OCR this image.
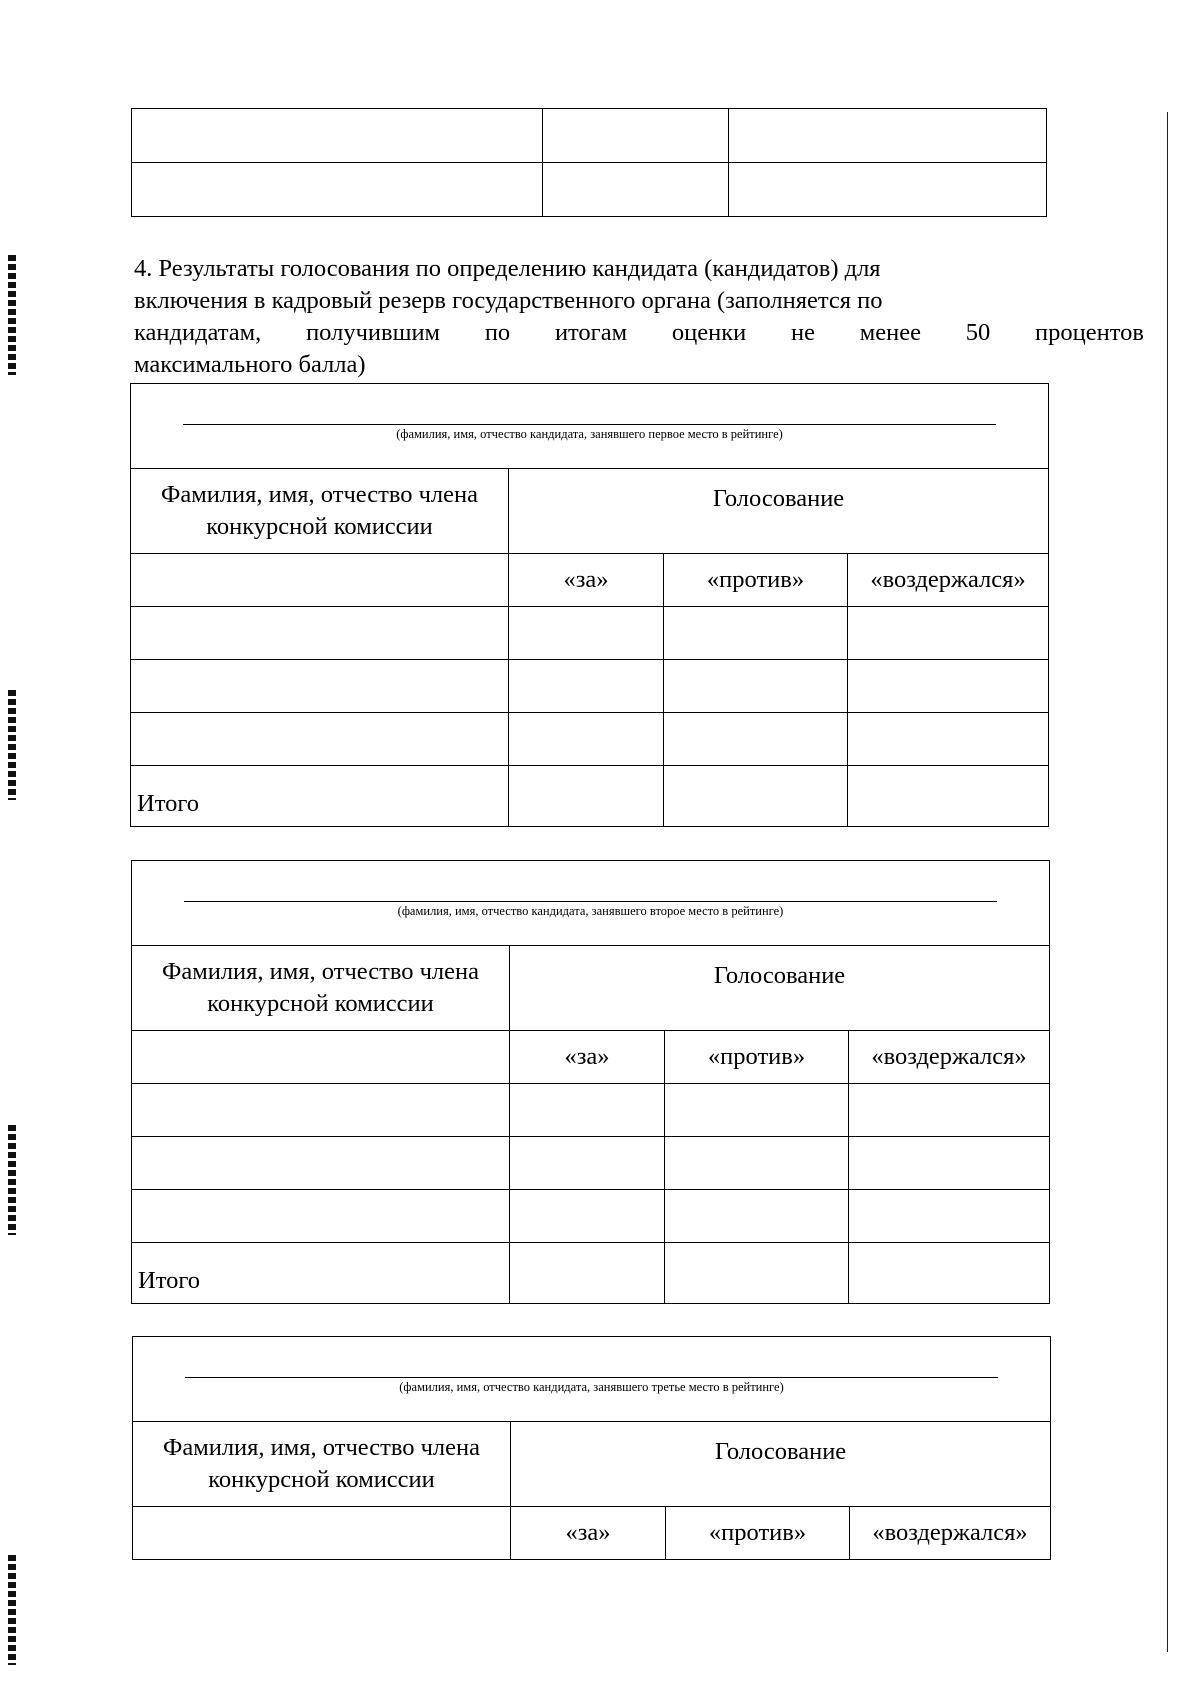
4. Результаты голосования по определению кандидата (кандидатов) для
включения в кадровый резерв государственного органа (заполняется по
кандидатам, получившим по итогам оценки не менее 50 процентов
максимального балла)
(фамилия, имя, отчество кандидата, занявшего первое место в рейтинге)			

Фамилия, имя, отчество члена конкурсной комиссии	Голосование		
	«за»	«против»	«воздержался»

Итого			
(фамилия, имя, отчество кандидата, занявшего второе место в рейтинге)			

Фамилия, имя, отчество члена конкурсной комиссии	Голосование		
	«за»	«против»	«воздержался»

Итого			
(фамилия, имя, отчество кандидата, занявшего третье место в рейтинге)			

Фамилия, имя, отчество члена конкурсной комиссии	Голосование		
	«за»	«против»	«воздержался»
